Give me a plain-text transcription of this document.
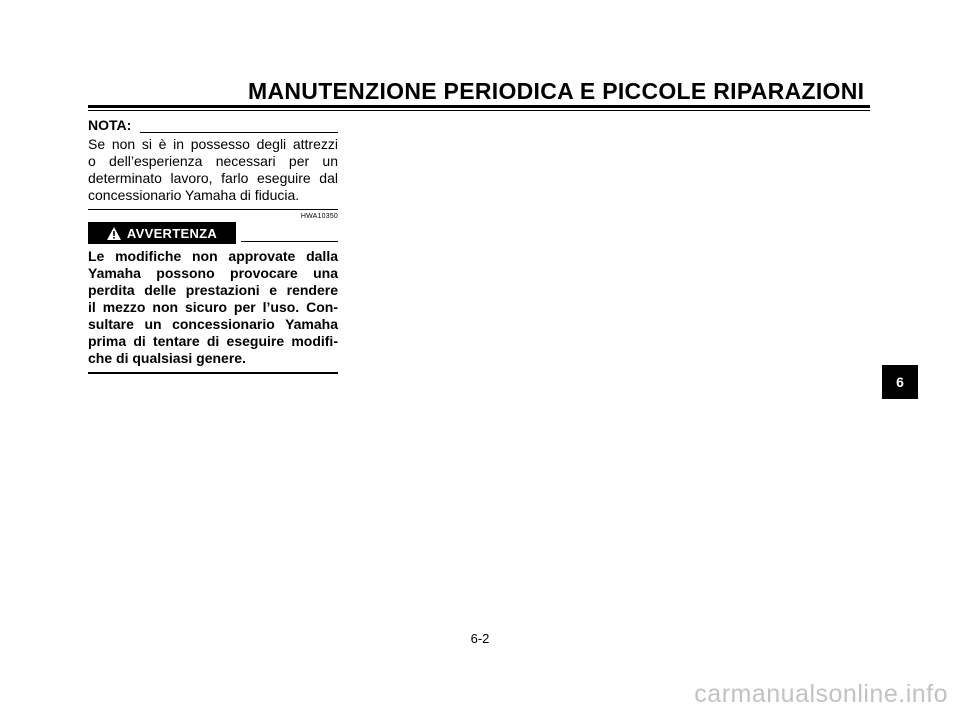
MANUTENZIONE PERIODICA E PICCOLE RIPARAZIONI
NOTA:
Se non si è in possesso degli attrezzi
o dell’esperienza necessari per un
determinato lavoro, farlo eseguire dal
concessionario Yamaha di fiducia.
HWA10350
AVVERTENZA
Le modifiche non approvate dalla
Yamaha possono provocare una
perdita delle prestazioni e rendere
il mezzo non sicuro per l’uso. Con-
sultare un concessionario Yamaha
prima di tentare di eseguire modifi-
che di qualsiasi genere.
6
6-2
carmanualsonline.info
